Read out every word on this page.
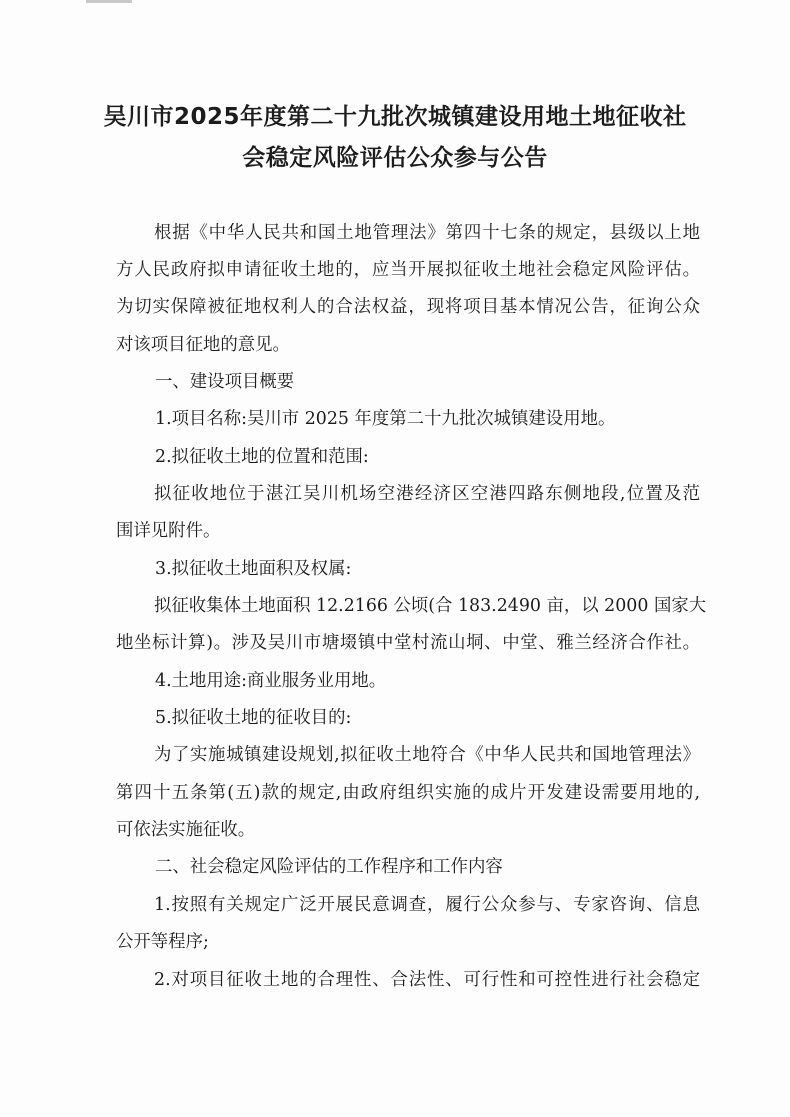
吴川市2025年度第二十九批次城镇建设用地土地征收社
会稳定风险评估公众参与公告

根据《中华人民共和国土地管理法》第四十七条的规定，县级以上地

方人民政府拟申请征收土地的，应当开展拟征收土地社会稳定风险评估。

为切实保障被征地权利人的合法权益，现将项目基本情况公告，征询公众

对该项目征地的意见。

一、建设项目概要

1.项目名称:吴川市 2025 年度第二十九批次城镇建设用地。

2.拟征收土地的位置和范围:

拟征收地位于湛江吴川机场空港经济区空港四路东侧地段,位置及范

围详见附件。

3.拟征收土地面积及权属:

拟征收集体土地面积 12.2166 公顷(合 183.2490 亩，以 2000 国家大

地坐标计算)。涉及吴川市塘㙍镇中堂村流山垌、中堂、雅兰经济合作社。

4.土地用途:商业服务业用地。

5.拟征收土地的征收目的:

为了实施城镇建设规划,拟征收土地符合《中华人民共和国地管理法》

第四十五条第(五)款的规定,由政府组织实施的成片开发建设需要用地的,

可依法实施征收。

二、社会稳定风险评估的工作程序和工作内容

1.按照有关规定广泛开展民意调查，履行公众参与、专家咨询、信息

公开等程序;

2.对项目征收土地的合理性、合法性、可行性和可控性进行社会稳定
